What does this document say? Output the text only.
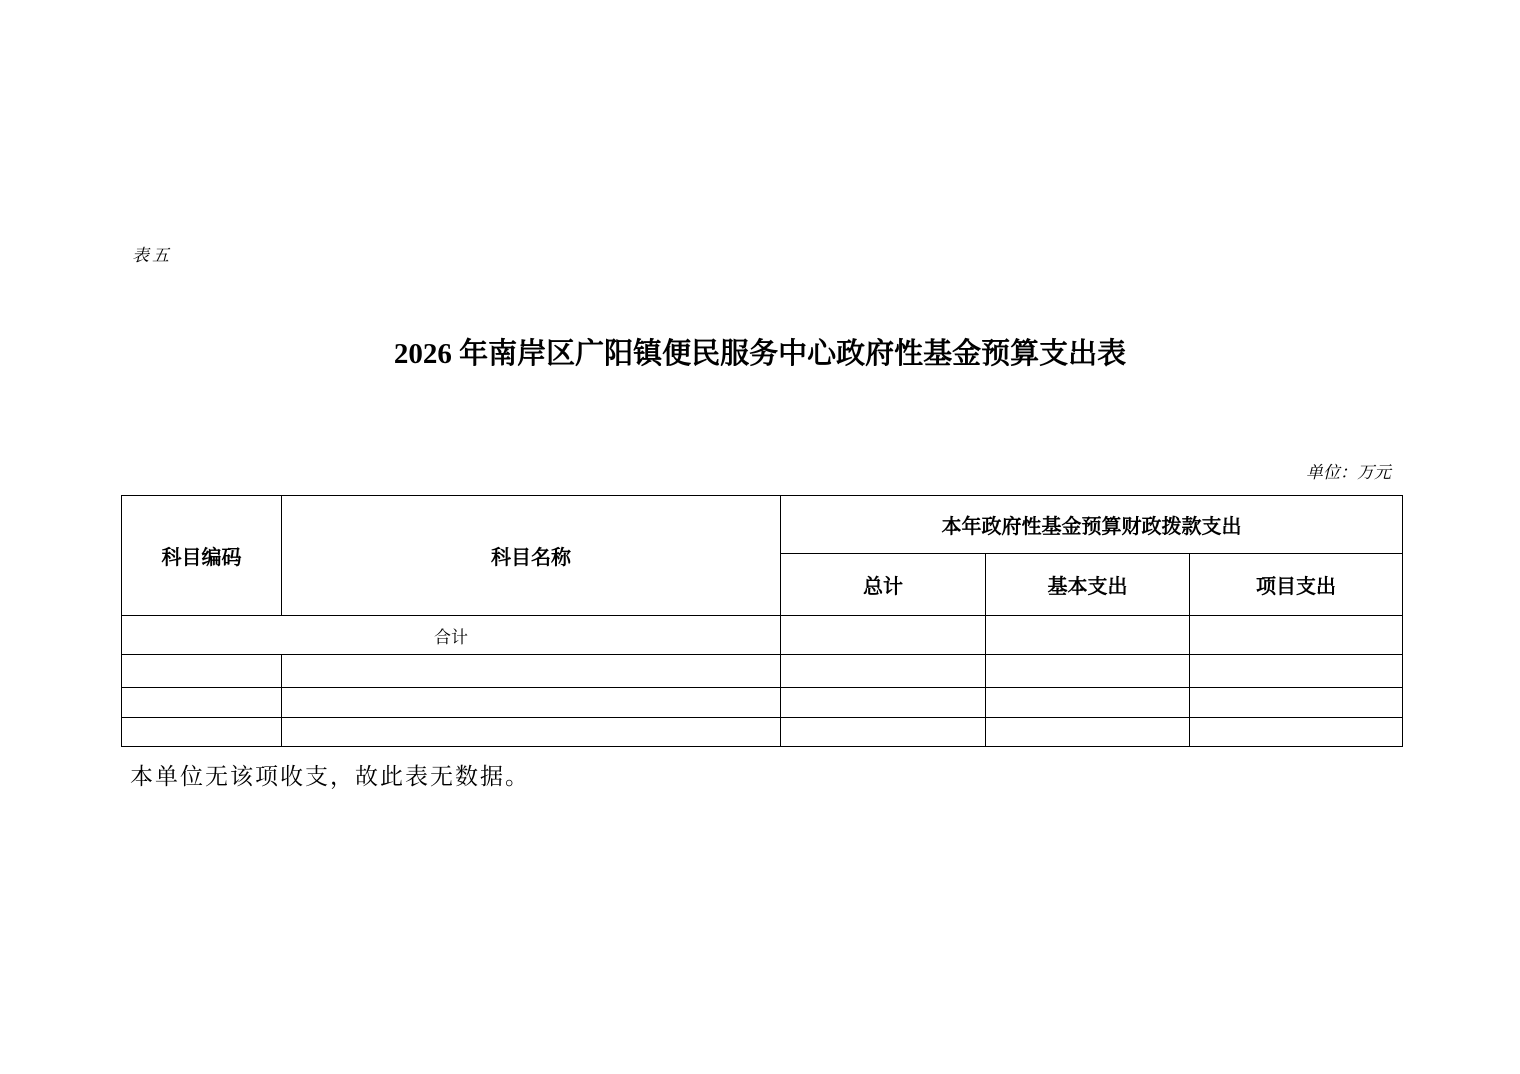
表五
2026 年南岸区广阳镇便民服务中心政府性基金预算支出表
单位：万元
科目编码	科目名称	本年政府性基金预算财政拨款支出		
		总计	基本支出	项目支出
合计				

本单位无该项收支，故此表无数据。
